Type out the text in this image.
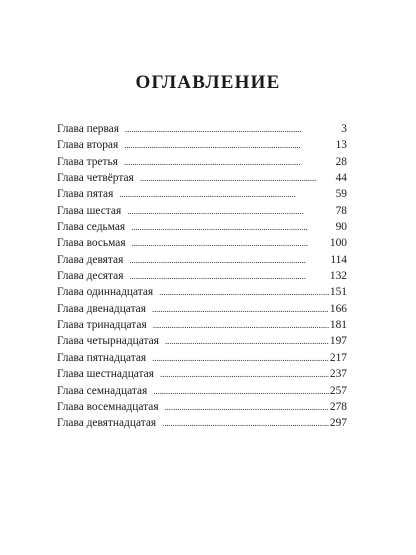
ОГЛАВЛЕНИЕ
Глава первая . . .	3
Глава вторая . . .	13
Глава третья . . .	28
Глава четвёртая . . .	44
Глава пятая . . .	59
Глава шестая . . .	78
Глава седьмая . . .	90
Глава восьмая . . .	100
Глава девятая . . .	114
Глава десятая . . .	132
Глава одиннадцатая . . .	151
Глава двенадцатая . . .	166
Глава тринадцатая . . .	181
Глава четырнадцатая . . .	197
Глава пятнадцатая . . .	217
Глава шестнадцатая . . .	237
Глава семнадцатая . . .	257
Глава восемнадцатая . . .	278
Глава девятнадцатая . . .	297
